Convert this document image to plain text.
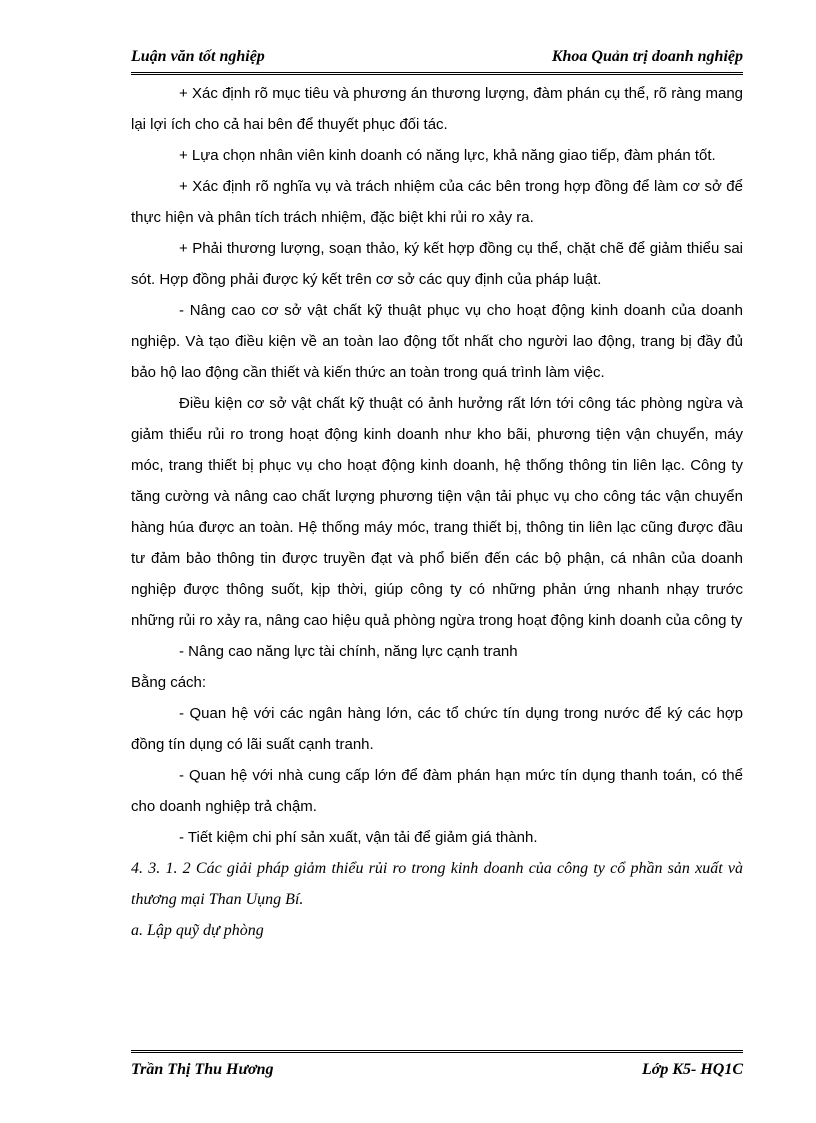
Luận văn tốt nghiệp	Khoa Quản trị doanh nghiệp

+ Xác định rõ mục tiêu và phương án thương lượng, đàm phán cụ thể, rõ ràng mang lại lợi ích cho cả hai bên để thuyết phục đối tác.

+ Lựa chọn nhân viên kinh doanh có năng lực, khả năng giao tiếp, đàm phán tốt.

+ Xác định rõ nghĩa vụ và trách nhiệm của các bên trong hợp đồng để làm cơ sở để thực hiện và phân tích trách nhiệm, đặc biệt khi rủi ro xảy ra.

+ Phải thương lượng, soạn thảo, ký kết hợp đồng cụ thể, chặt chẽ để giảm thiểu sai sót. Hợp đồng phải được ký kết trên cơ sở các quy định của pháp luật.

- Nâng cao cơ sở vật chất kỹ thuật phục vụ cho hoạt động kinh doanh của doanh nghiệp. Và tạo điều kiện về an toàn lao động tốt nhất cho người lao động, trang bị đầy đủ bảo hộ lao động cần thiết và kiến thức an toàn trong quá trình làm việc.

Điều kiện cơ sở vật chất kỹ thuật có ảnh hưởng rất lớn tới công tác phòng ngừa và giảm thiểu rủi ro trong hoạt động kinh doanh như kho bãi, phương tiện vận chuyển, máy móc, trang thiết bị phục vụ cho hoạt động kinh doanh, hệ thống thông tin liên lạc. Công ty tăng cường và nâng cao chất lượng phương tiện vận tải phục vụ cho công tác vận chuyển hàng húa được an toàn. Hệ thống máy móc, trang thiết bị, thông tin liên lạc cũng được đầu tư đảm bảo thông tin được truyền đạt và phổ biến đến các bộ phận, cá nhân của doanh nghiệp được thông suốt, kịp thời, giúp công ty có những phản ứng nhanh nhạy trước những rủi ro xảy ra, nâng cao hiệu quả phòng ngừa trong hoạt động kinh doanh của công ty

- Nâng cao năng lực tài chính, năng lực cạnh tranh

Bằng cách:

- Quan hệ với các ngân hàng lớn, các tổ chức tín dụng trong nước để ký các hợp đồng tín dụng có lãi suất cạnh tranh.

- Quan hệ với nhà cung cấp lớn để đàm phán hạn mức tín dụng thanh toán, có thể cho doanh nghiệp trả chậm.

- Tiết kiệm chi phí sản xuất, vận tải để giảm giá thành.

4. 3. 1. 2 Các giải pháp giảm thiểu rủi ro trong kinh doanh của công ty cổ phần sản xuất và thương mại Than Uụng Bí.

a. Lập quỹ dự phòng

Trần Thị Thu Hương	Lớp K5- HQ1C
